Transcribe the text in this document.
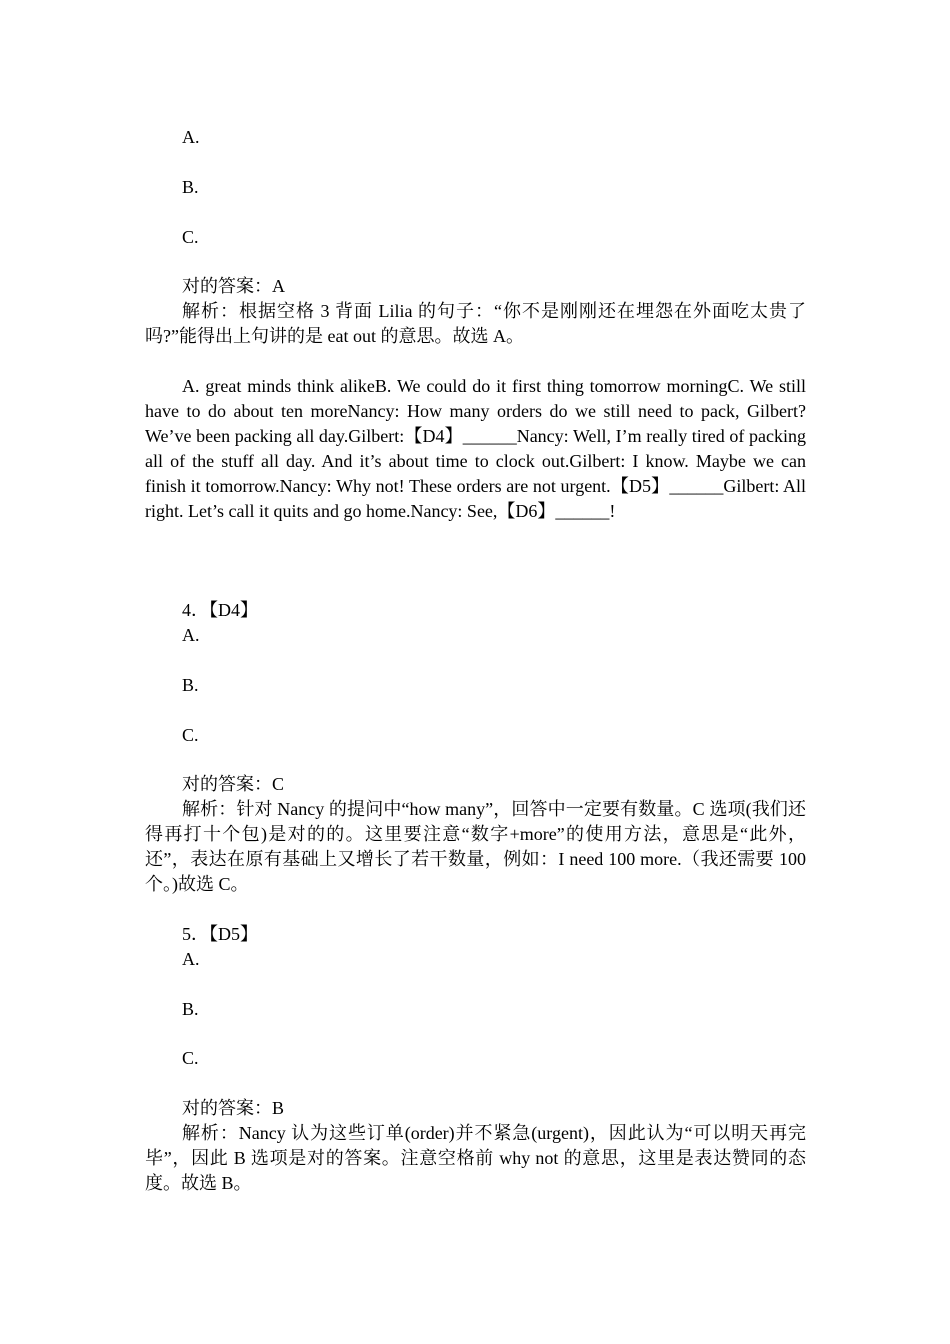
A.
B.
C.

对的答案：A

解析：根据空格 3 背面 Lilia 的句子：“你不是刚刚还在埋怨在外面吃太贵了吗?”能得出上句讲的是 eat out 的意思。故选 A。

A. great minds think alikeB. We could do it first thing tomorrow morningC. We still have to do about ten moreNancy: How many orders do we still need to pack, Gilbert? We’ve been packing all day.Gilbert:【D4】______Nancy: Well, I’m really tired of packing all of the stuff all day. And it’s about time to clock out.Gilbert: I know. Maybe we can finish it tomorrow.Nancy: Why not! These orders are not urgent.【D5】______Gilbert: All right. Let’s call it quits and go home.Nancy: See,【D6】______!

4．【D4】
A.
B.
C.

对的答案：C

解析：针对 Nancy 的提问中“how many”，回答中一定要有数量。C 选项(我们还得再打十个包)是对的的。这里要注意“数字+more”的使用方法，意思是“此外，还”，表达在原有基础上又增长了若干数量，例如：I need 100 more.（我还需要 100 个。)故选 C。

5．【D5】
A.
B.
C.

对的答案：B

解析：Nancy 认为这些订单(order)并不紧急(urgent)，因此认为“可以明天再完毕”，因此 B 选项是对的答案。注意空格前 why not 的意思，这里是表达赞同的态度。故选 B。
